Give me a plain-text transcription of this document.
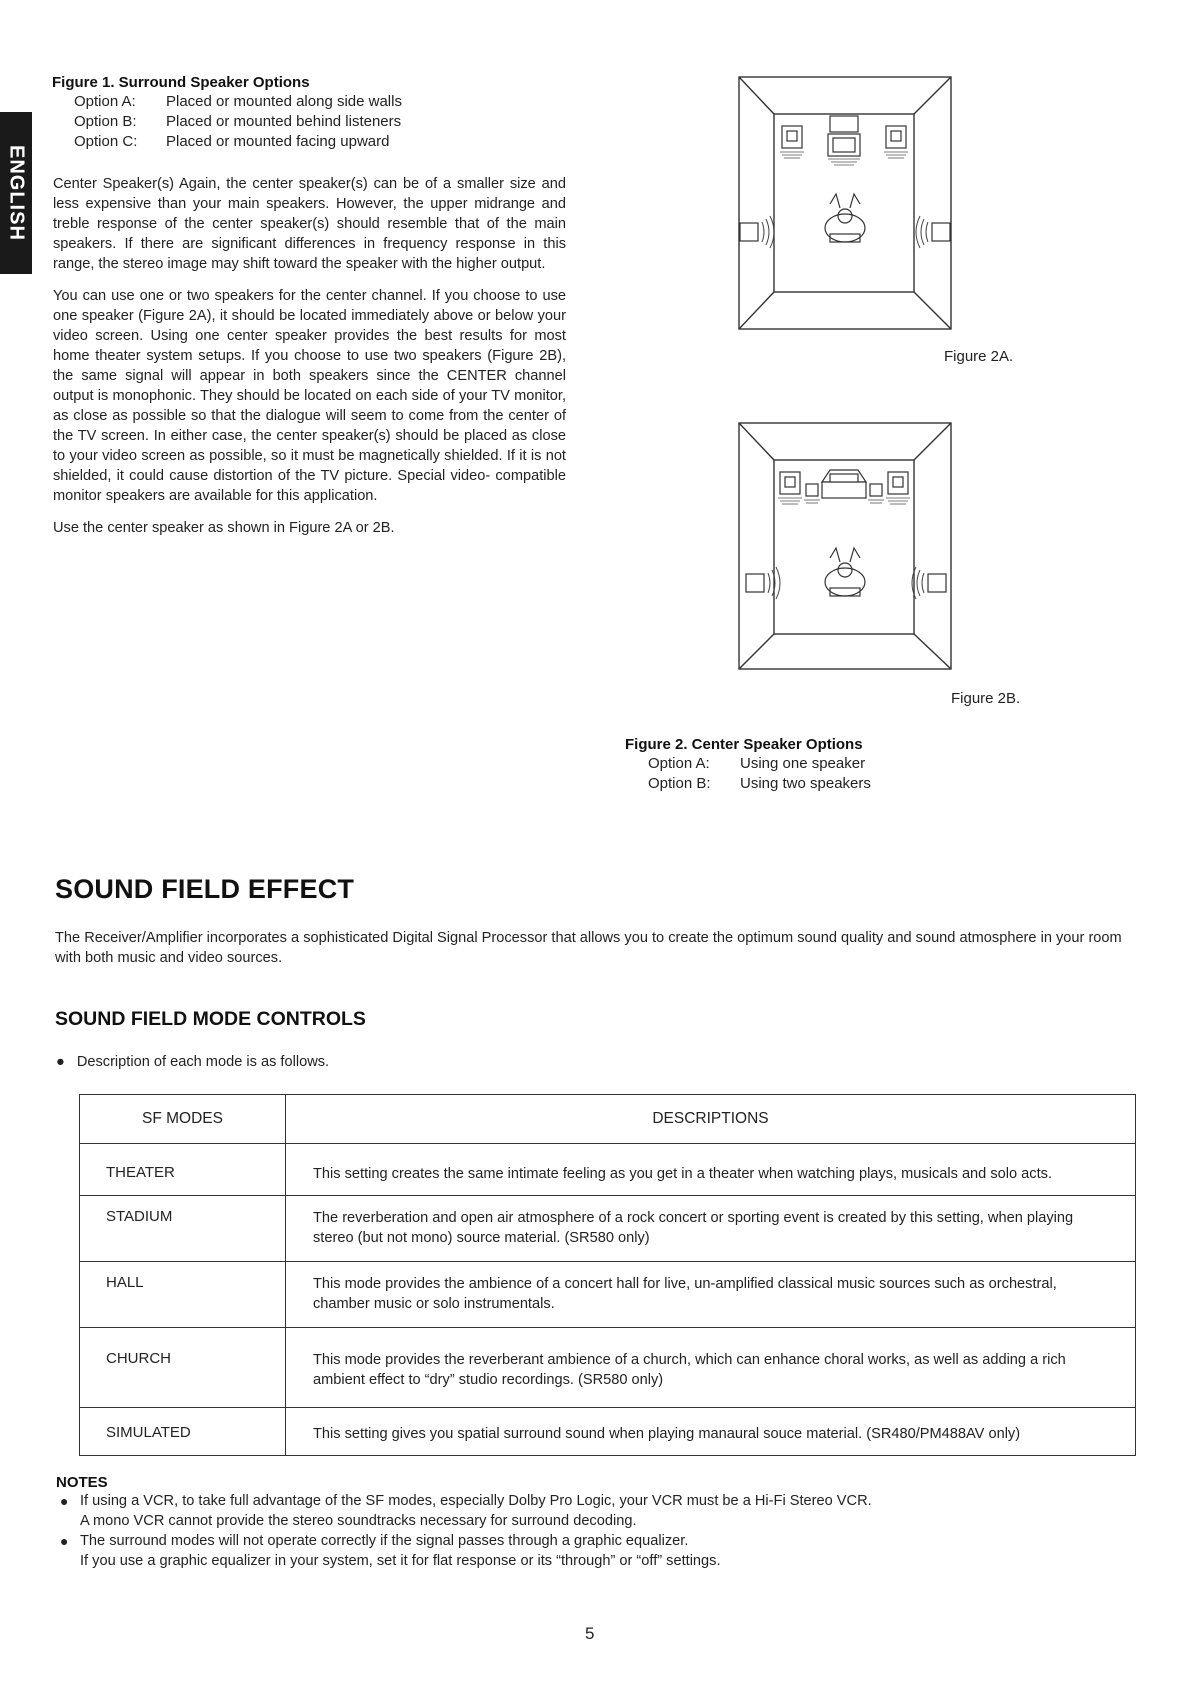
ENGLISH
Figure 1. Surround Speaker Options
Option A:	Placed or mounted along side walls
Option B:	Placed or mounted behind listeners
Option C:	Placed or mounted facing upward

Center Speaker(s) Again, the center speaker(s) can be of a smaller size and less expensive than your main speakers. However, the upper midrange and treble response of the center speaker(s) should resemble that of the main speakers. If there are significant differences in frequency response in this range, the stereo image may shift toward the speaker with the higher output.

You can use one or two speakers for the center channel. If you choose to use one speaker (Figure 2A), it should be located immediately above or below your video screen. Using one center speaker provides the best results for most home theater system setups. If you choose to use two speakers (Figure 2B), the same signal will appear in both speakers since the CENTER channel output is monophonic. They should be located on each side of your TV monitor, as close as possible so that the dialogue will seem to come from the center of the TV screen. In either case, the center speaker(s) should be placed as close to your video screen as possible, so it must be magnetically shielded. If it is not shielded, it could cause distortion of the TV picture. Special video- compatible monitor speakers are available for this application.

Use the center speaker as shown in Figure 2A or 2B.

Figure 2A.
Figure 2B.
Figure 2. Center Speaker Options
Option A:	Using one speaker
Option B:	Using two speakers
SOUND FIELD EFFECT
The Receiver/Amplifier incorporates a sophisticated Digital Signal Processor that allows you to create the optimum sound quality and sound atmosphere in your room with both music and video sources.
SOUND FIELD MODE CONTROLS
● Description of each mode is as follows.
SF MODES	DESCRIPTIONS
THEATER	This setting creates the same intimate feeling as you get in a theater when watching plays, musicals and solo acts.
STADIUM	The reverberation and open air atmosphere of a rock concert or sporting event is created by this setting, when playing stereo (but not mono) source material. (SR580 only)
HALL	This mode provides the ambience of a concert hall for live, un-amplified classical music sources such as orchestral, chamber music or solo instrumentals.
CHURCH	This mode provides the reverberant ambience of a church, which can enhance choral works, as well as adding a rich ambient effect to “dry” studio recordings. (SR580 only)
SIMULATED	This setting gives you spatial surround sound when playing manaural souce material. (SR480/PM488AV only)
NOTES
● If using a VCR, to take full advantage of the SF modes, especially Dolby Pro Logic, your VCR must be a Hi-Fi Stereo VCR.
A mono VCR cannot provide the stereo soundtracks necessary for surround decoding.
● The surround modes will not operate correctly if the signal passes through a graphic equalizer.
If you use a graphic equalizer in your system, set it for flat response or its “through” or “off” settings.
5
